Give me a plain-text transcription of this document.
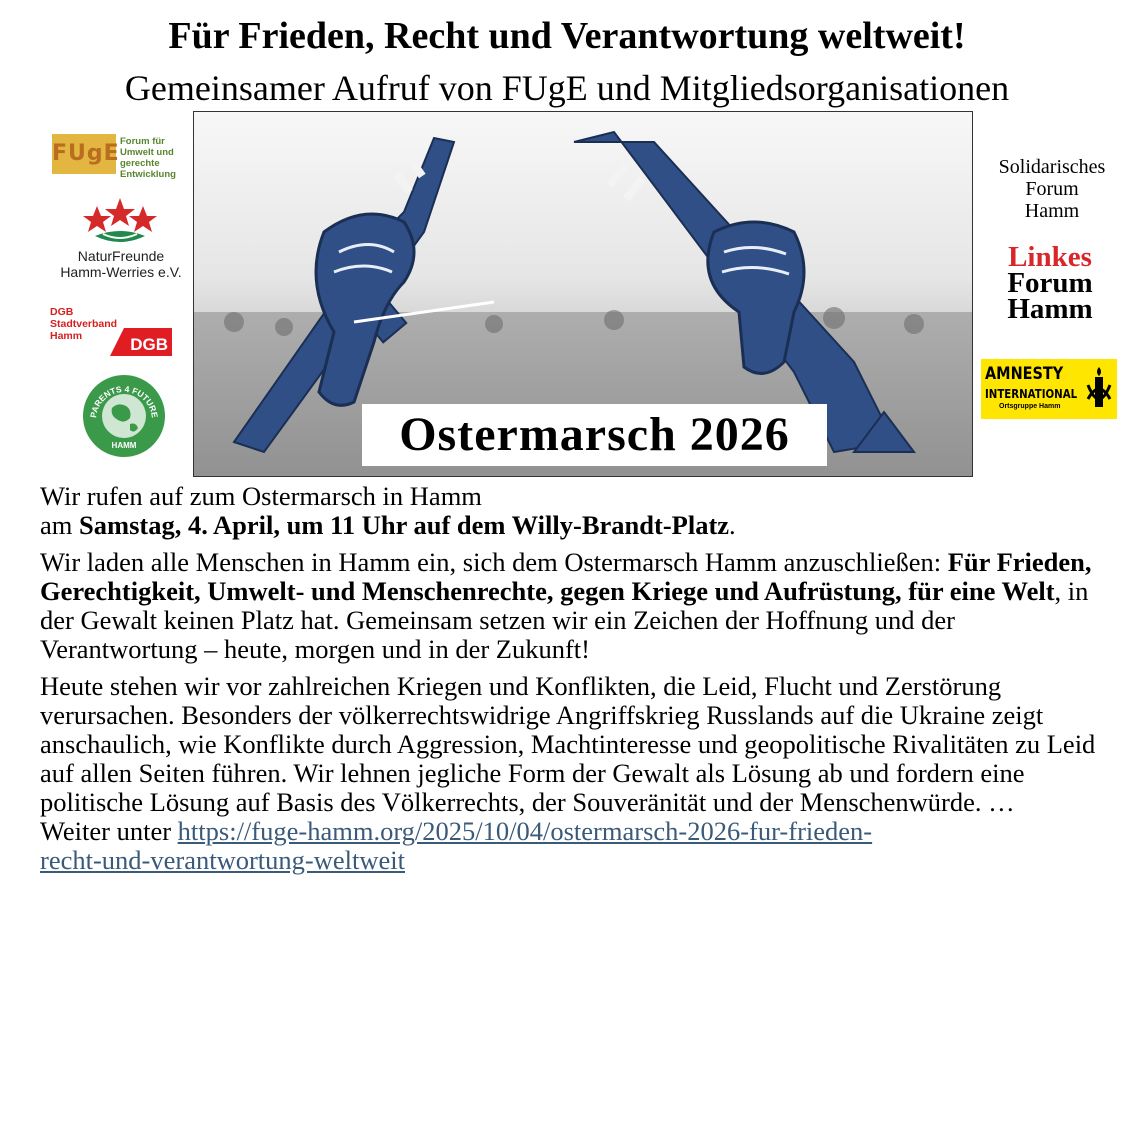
Für Frieden, Recht und Verantwortung weltweit!
Gemeinsamer Aufruf von FUgE und Mitgliedsorganisationen
FUgE Forum für
Umwelt und
gerechte
Entwicklung
NaturFreunde
Hamm-Werries e.V.
DGB
Stadtverband
Hamm	DGB
PARENTS 4 FUTURE
HAMM	Ostermarsch 2026
Solidarisches
Forum
Hamm
Linkes
Forum
Hamm
AMNESTY
INTERNATIONAL
Ortsgruppe Hamm

Wir rufen auf zum Ostermarsch in Hamm
am Samstag, 4. April, um 11 Uhr auf dem Willy-Brandt-Platz.

Wir laden alle Menschen in Hamm ein, sich dem Ostermarsch Hamm anzuschließen: Für Frieden, Gerechtigkeit, Umwelt- und Menschenrechte, gegen Kriege und Aufrüstung, für eine Welt, in der Gewalt keinen Platz hat. Gemeinsam setzen wir ein Zeichen der Hoffnung und der Verantwortung – heute, morgen und in der Zukunft!

Heute stehen wir vor zahlreichen Kriegen und Konflikten, die Leid, Flucht und Zerstörung verursachen. Besonders der völkerrechtswidrige Angriffskrieg Russlands auf die Ukraine zeigt anschaulich, wie Konflikte durch Aggression, Machtinteresse und geopolitische Rivalitäten zu Leid auf allen Seiten führen. Wir lehnen jegliche Form der Gewalt als Lösung ab und fordern eine politische Lösung auf Basis des Völkerrechts, der Souveränität und der Menschenwürde. …

Weiter unter https://fuge-hamm.org/2025/10/04/ostermarsch-2026-fur-frieden-
recht-und-verantwortung-weltweit
